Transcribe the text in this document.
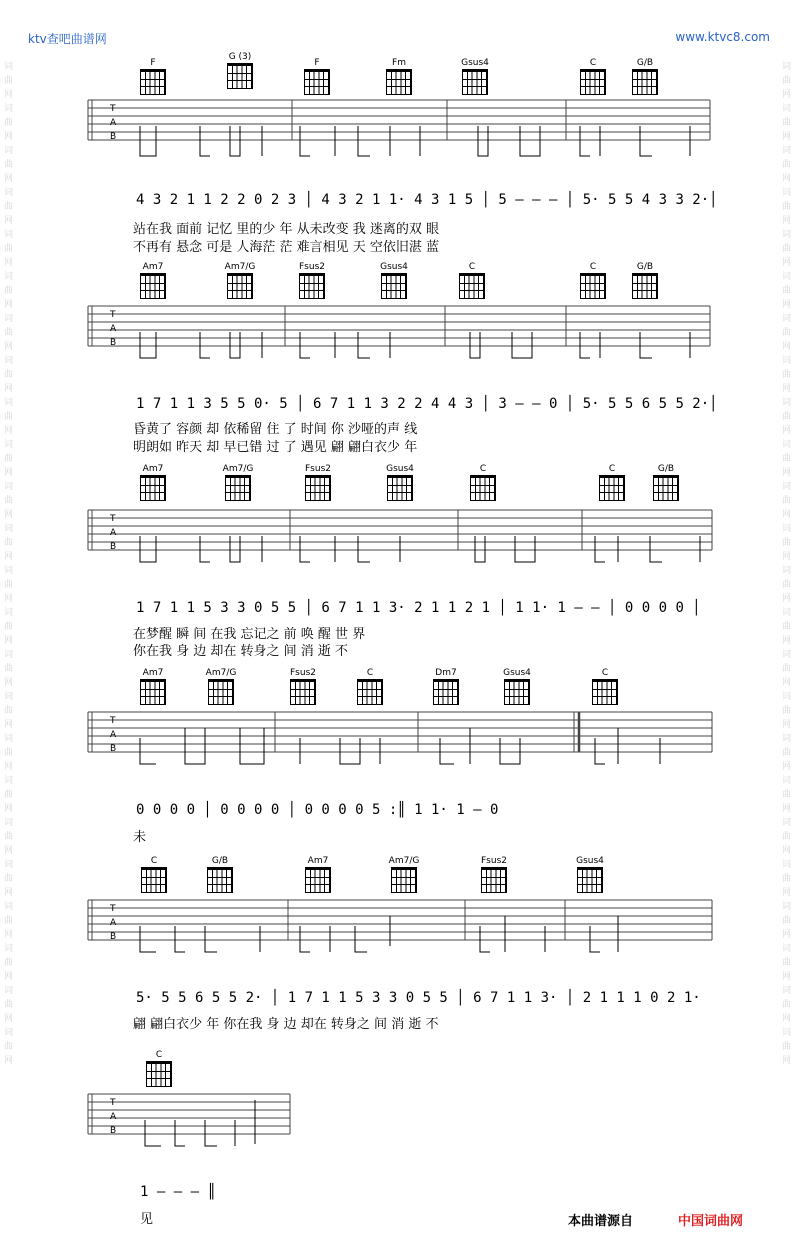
ktv查吧曲谱网	www.ktvc8.com
词曲网词曲网词曲网词曲网词曲网词曲网词曲网词曲网词曲网词曲网词曲网词曲网词曲网词曲网词曲网词曲网词曲网词曲网词曲网词曲网词曲网词曲网词曲网词曲网
词曲网词曲网词曲网词曲网词曲网词曲网词曲网词曲网词曲网词曲网词曲网词曲网词曲网词曲网词曲网词曲网词曲网词曲网词曲网词曲网词曲网词曲网词曲网词曲网
F
G (3)
F	Fm	Gsus4	C	G/B
T
A
B
4 3 2 1 1 2 2 0 2 3 │ 4 3 2 1 1· 4 3 1 5 │ 5 – – – │ 5· 5 5 4 3 3 2·│
站在我 面前 记忆 里的少 年 从未改变 我 迷离的双 眼
不再有 悬念 可是 人海茫 茫 难言相见 天 空依旧湛 蓝
Am7	Am7/G	Fsus2	Gsus4	C	C	G/B
T
A
B
1 7 1 1 3 5 5 0· 5 │ 6 7 1 1 3 2 2 4 4 3 │ 3 – – 0 │ 5· 5 5 6 5 5 2·│
昏黄了 容颜 却 依稀留 住 了 时间 你 沙哑的声 线
明朗如 昨天 却 早已错 过 了 遇见 翩 翩白衣少 年
Am7	Am7/G	Fsus2	Gsus4	C	C	G/B
T
A
B
1 7 1 1 5 3 3 0 5 5 │ 6 7 1 1 3· 2 1 1 2 1 │ 1 1· 1 – – │ 0 0 0 0 │
在梦醒 瞬 间 在我 忘记之 前 唤 醒 世 界
你在我 身 边 却在 转身之 间 消 逝 不
Am7	Am7/G	Fsus2	C	Dm7	Gsus4	C
T
A
B
0 0 0 0 │ 0 0 0 0 │ 0 0 0 0 5 :║ 1 1· 1 – 0
未
C	G/B	Am7	Am7/G	Fsus2	Gsus4
T
A
B
5· 5 5 6 5 5 2· │ 1 7 1 1 5 3 3 0 5 5 │ 6 7 1 1 3· │ 2 1 1 1 0 2 1·
翩 翩白衣少 年 你在我 身 边 却在 转身之 间 消 逝 不
C
T
A
B
1 – – – ║
见	本曲谱源自	中国词曲网
